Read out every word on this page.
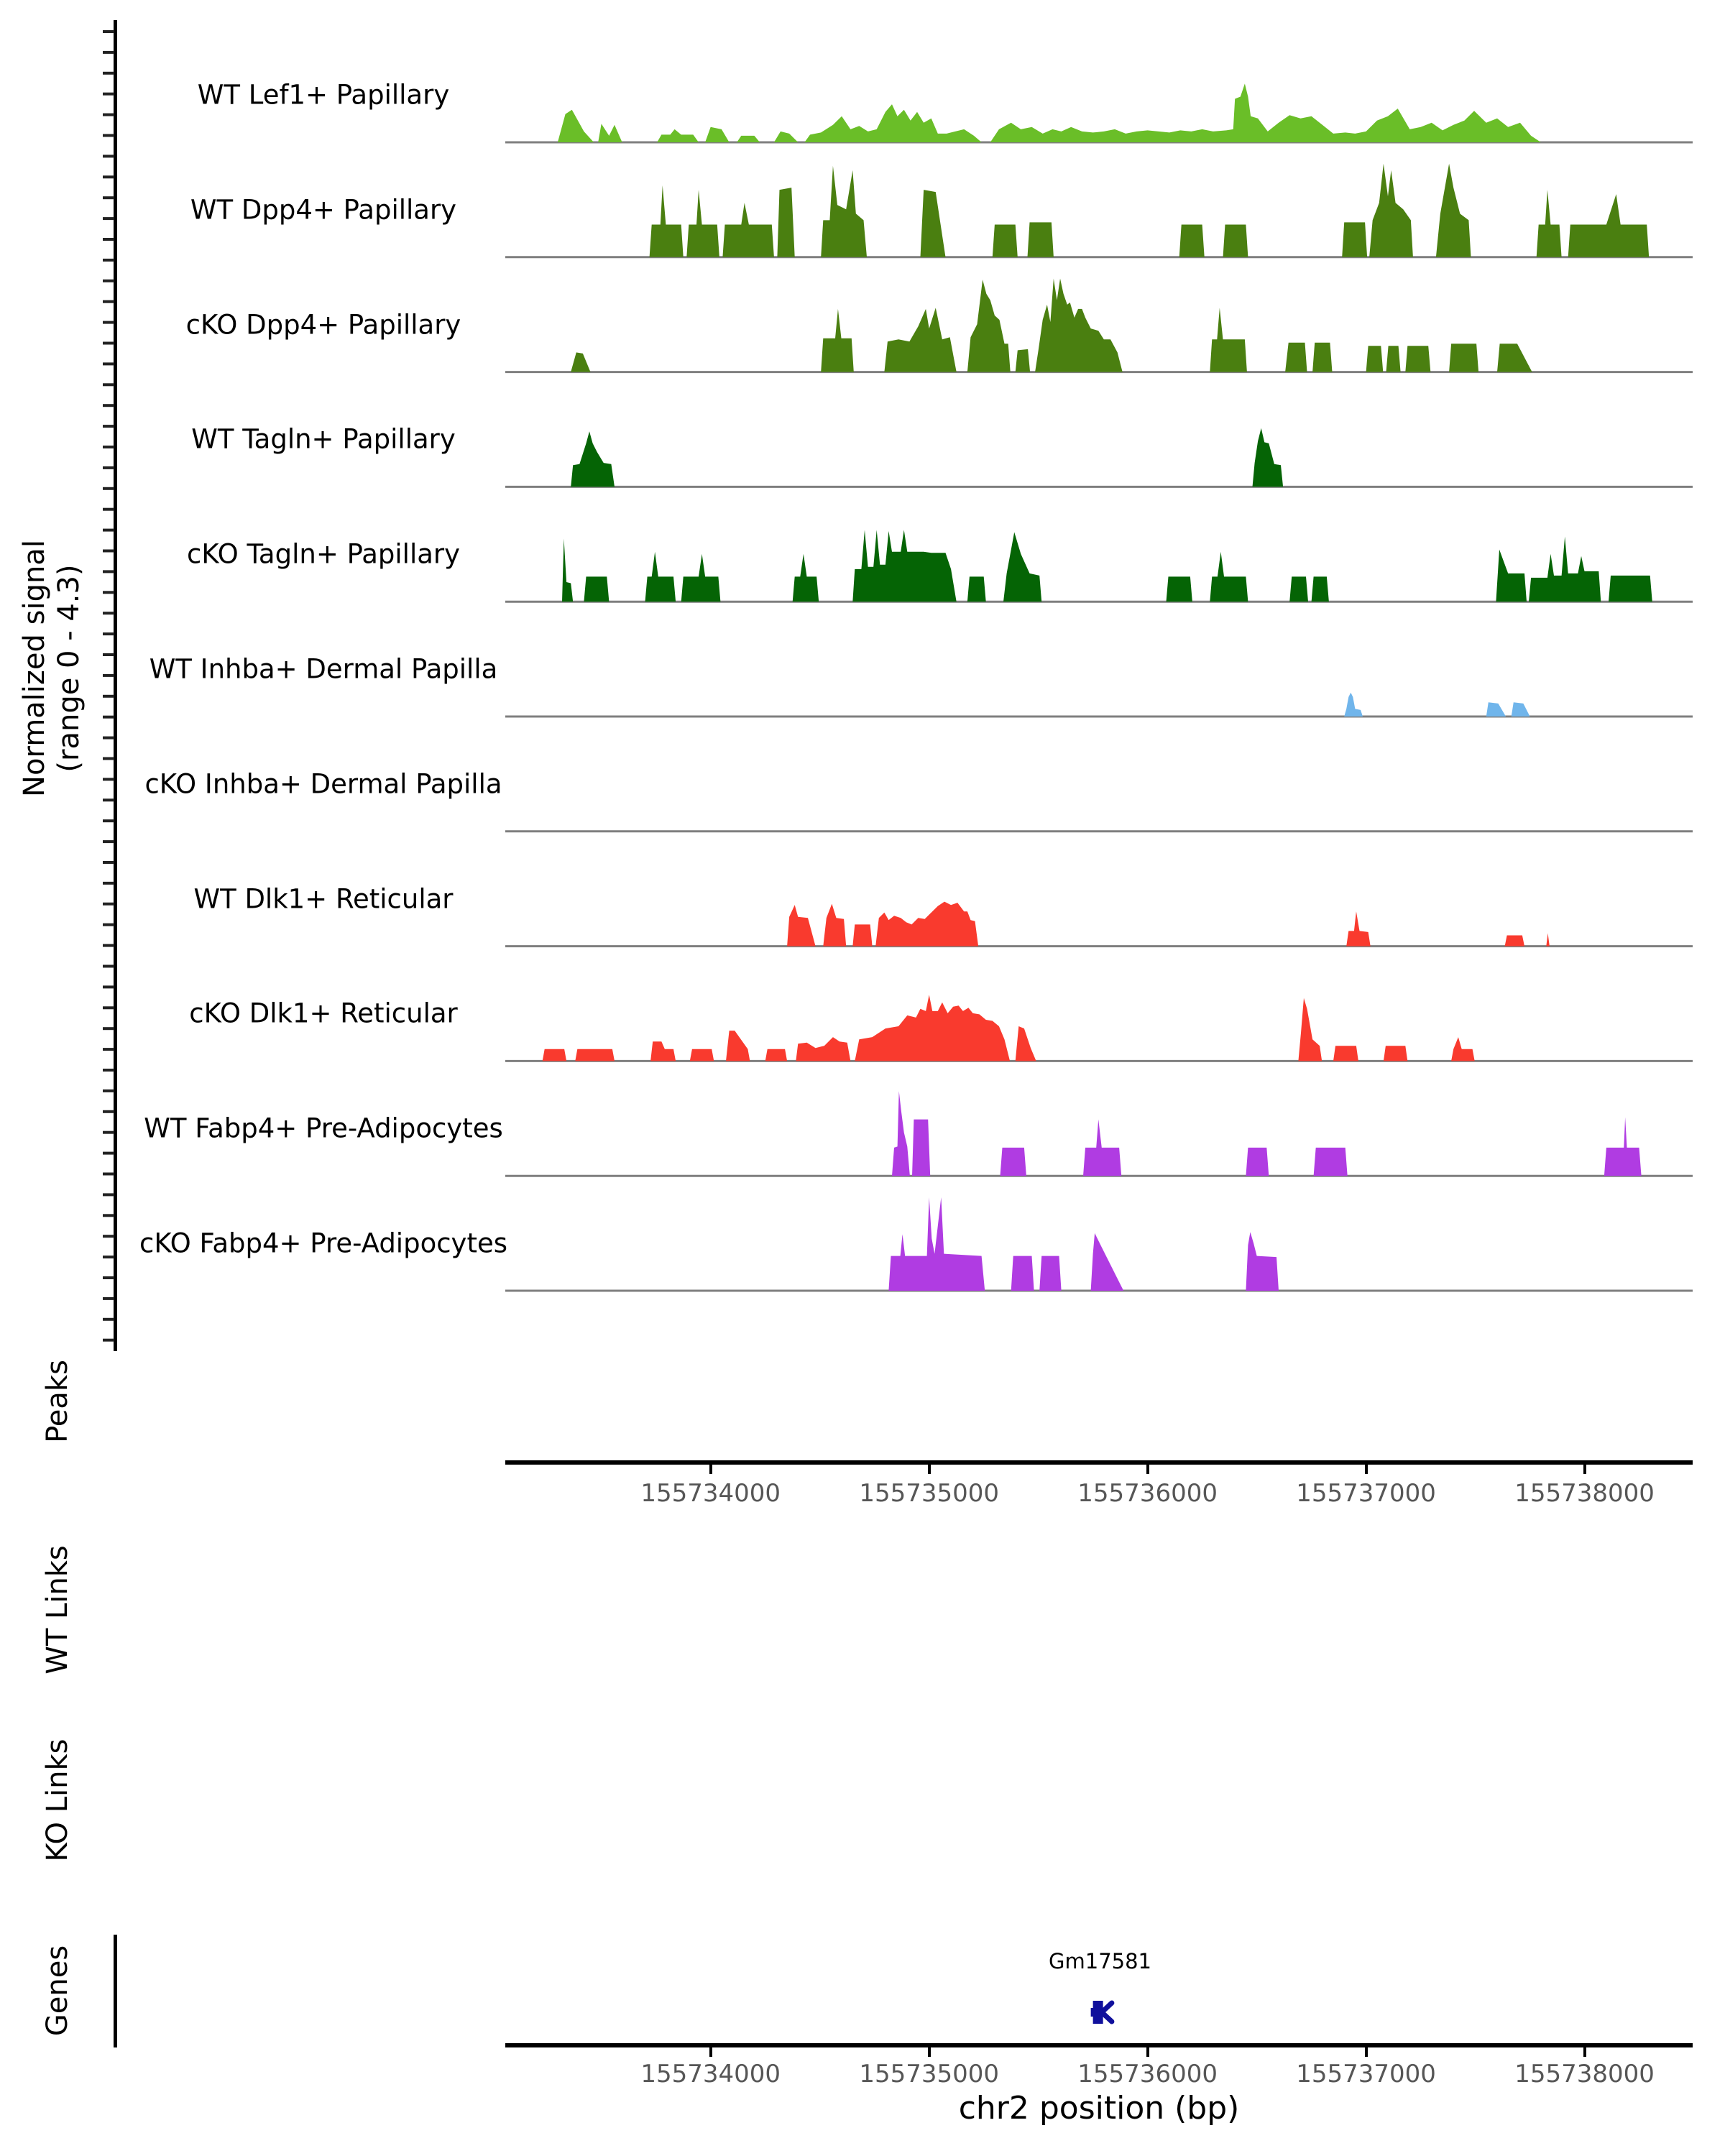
Normalized signal (range 0 - 4.3)
Peaks
WT Links
KO Links
Genes
155734000	155735000	155736000	155737000	155738000
155734000	155735000	155736000	155737000	155738000
chr2 position (bp)
WT Lef1+ Papillary
WT Dpp4+ Papillary
cKO Dpp4+ Papillary
WT Tagln+ Papillary
cKO Tagln+ Papillary
WT Inhba+ Dermal Papilla
cKO Inhba+ Dermal Papilla
WT Dlk1+ Reticular
cKO Dlk1+ Reticular
WT Fabp4+ Pre-Adipocytes
cKO Fabp4+ Pre-Adipocytes
Gm17581
